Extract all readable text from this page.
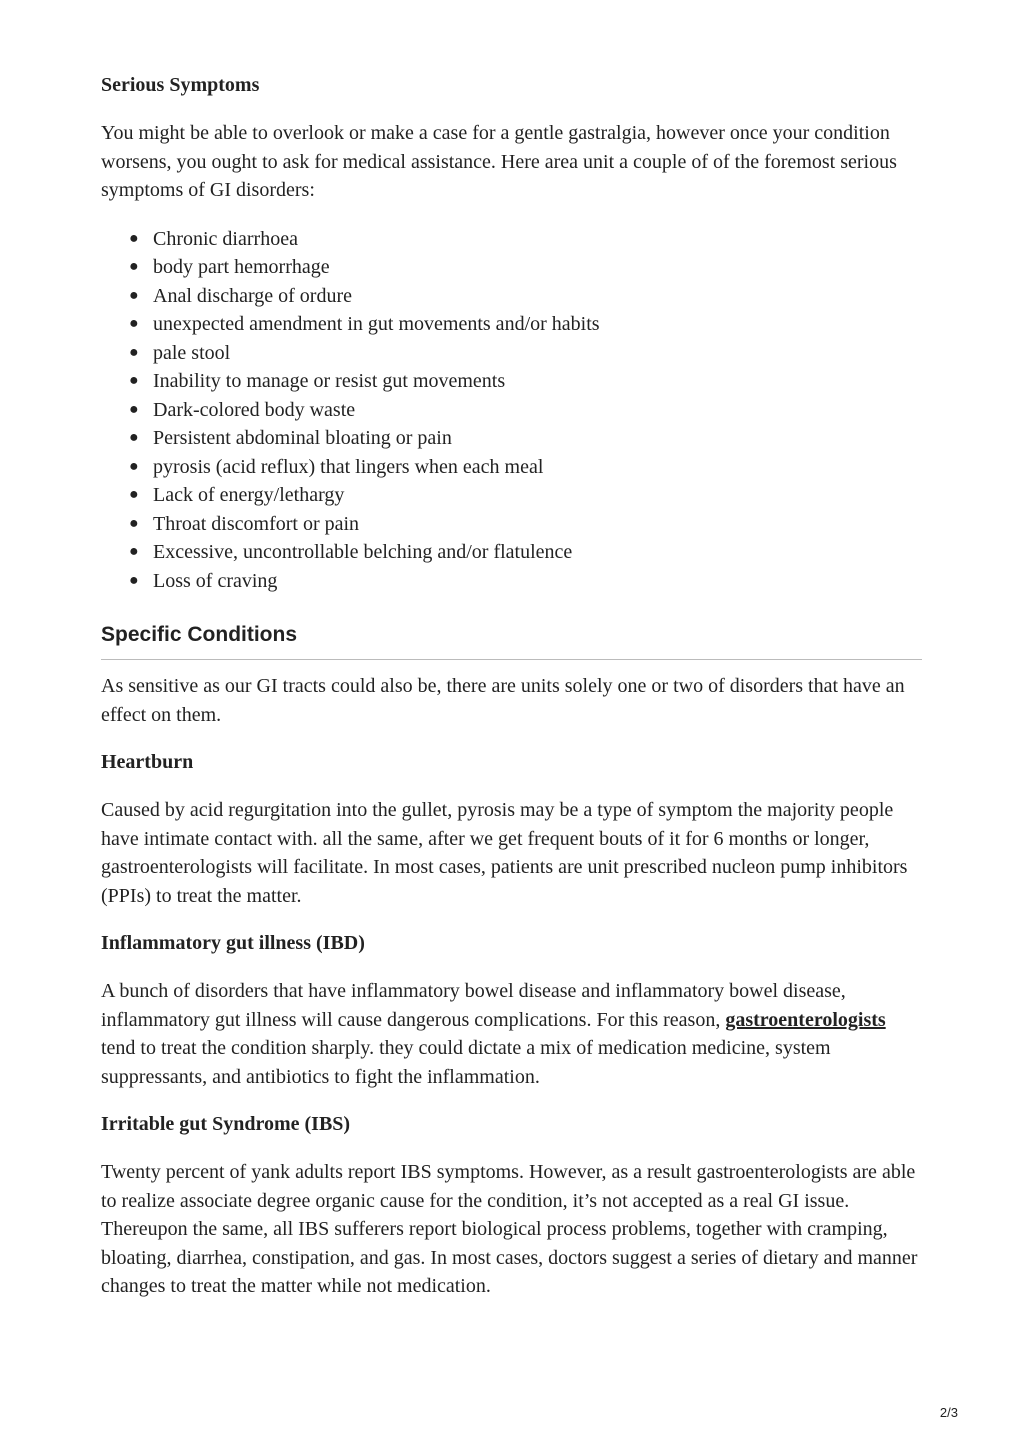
Serious Symptoms

You might be able to overlook or make a case for a gentle gastralgia, however once your condition worsens, you ought to ask for medical assistance. Here area unit a couple of of the foremost serious symptoms of GI disorders:

● Chronic diarrhoea
● body part hemorrhage
● Anal discharge of ordure
● unexpected amendment in gut movements and/or habits
● pale stool
● Inability to manage or resist gut movements
● Dark-colored body waste
● Persistent abdominal bloating or pain
● pyrosis (acid reflux) that lingers when each meal
● Lack of energy/lethargy
● Throat discomfort or pain
● Excessive, uncontrollable belching and/or flatulence
● Loss of craving
Specific Conditions

As sensitive as our GI tracts could also be, there are units solely one or two of disorders that have an effect on them.

Heartburn

Caused by acid regurgitation into the gullet, pyrosis may be a type of symptom the majority people have intimate contact with. all the same, after we get frequent bouts of it for 6 months or longer, gastroenterologists will facilitate. In most cases, patients are unit prescribed nucleon pump inhibitors (PPIs) to treat the matter.

Inflammatory gut illness (IBD)

A bunch of disorders that have inflammatory bowel disease and inflammatory bowel disease, inflammatory gut illness will cause dangerous complications. For this reason, gastroenterologists tend to treat the condition sharply. they could dictate a mix of medication medicine, system suppressants, and antibiotics to fight the inflammation.

Irritable gut Syndrome (IBS)

Twenty percent of yank adults report IBS symptoms. However, as a result gastroenterologists are able to realize associate degree organic cause for the condition, it’s not accepted as a real GI issue. Thereupon the same, all IBS sufferers report biological process problems, together with cramping, bloating, diarrhea, constipation, and gas. In most cases, doctors suggest a series of dietary and manner changes to treat the matter while not medication.

2/3
